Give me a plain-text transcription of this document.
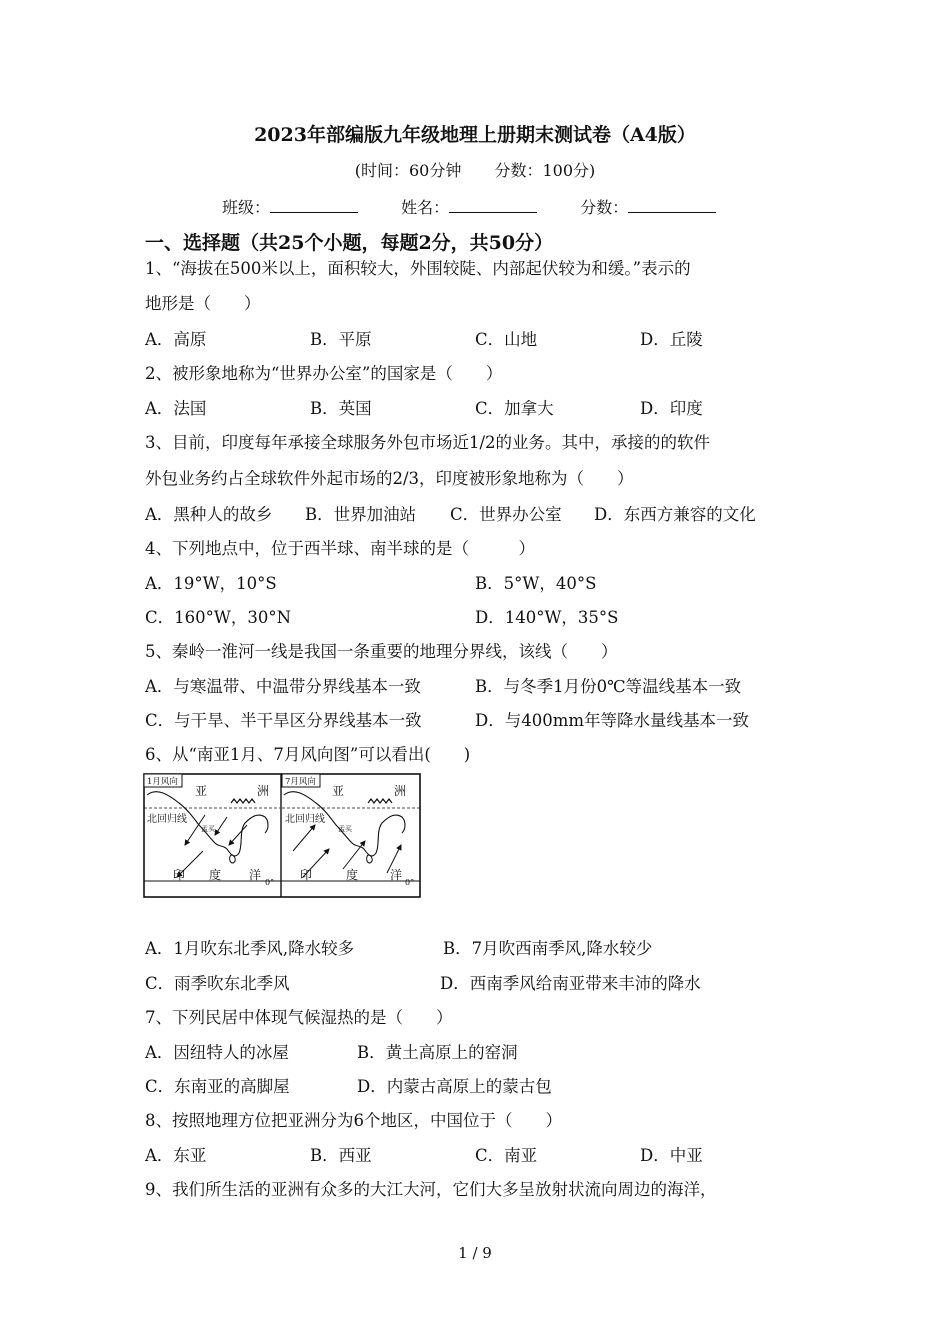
2023年部编版九年级地理上册期末测试卷（A4版）
(时间：60分钟 分数：100分)
班级：	姓名：	分数：
一、选择题（共25个小题，每题2分，共50分）
1、“海拔在500米以上，面积较大，外围较陡、内部起伏较为和缓。”表示的
地形是（　　）
A．高原	B．平原	C．山地	D．丘陵
2、被形象地称为“世界办公室”的国家是（　　）
A．法国	B．英国	C．加拿大	D．印度
3、目前，印度每年承接全球服务外包市场近1/2的业务。其中，承接的的软件
外包业务约占全球软件外起市场的2/3，印度被形象地称为（　　）
A．黑种人的故乡 B．世界加油站 C．世界办公室 D．东西方兼容的文化
4、下列地点中，位于西半球、南半球的是（　　　）
A．19°W，10°S	B．5°W，40°S
C．160°W，30°N	D．140°W，35°S
5、秦岭一淮河一线是我国一条重要的地理分界线，该线（　　）
A．与寒温带、中温带分界线基本一致	B．与冬季1月份0℃等温线基本一致
C．与干旱、半干旱区分界线基本一致	D．与400mm年等降水量线基本一致
6、从“南亚1月、7月风向图”可以看出(　　)
1月风向
亚	洲
北回归线
孟买
印 度 洋
0°
7月风向
亚	洲
北回归线
孟买
印	度	洋
0°
A．1月吹东北季风,降水较多	B．7月吹西南季风,降水较少
C．雨季吹东北季风	D．西南季风给南亚带来丰沛的降水
7、下列民居中体现气候湿热的是（　　）
A．因纽特人的冰屋	B．黄土高原上的窑洞
C．东南亚的高脚屋	D．内蒙古高原上的蒙古包
8、按照地理方位把亚洲分为6个地区，中国位于（　　）
A．东亚	B．西亚	C．南亚	D．中亚
9、我们所生活的亚洲有众多的大江大河，它们大多呈放射状流向周边的海洋，
1 / 9
